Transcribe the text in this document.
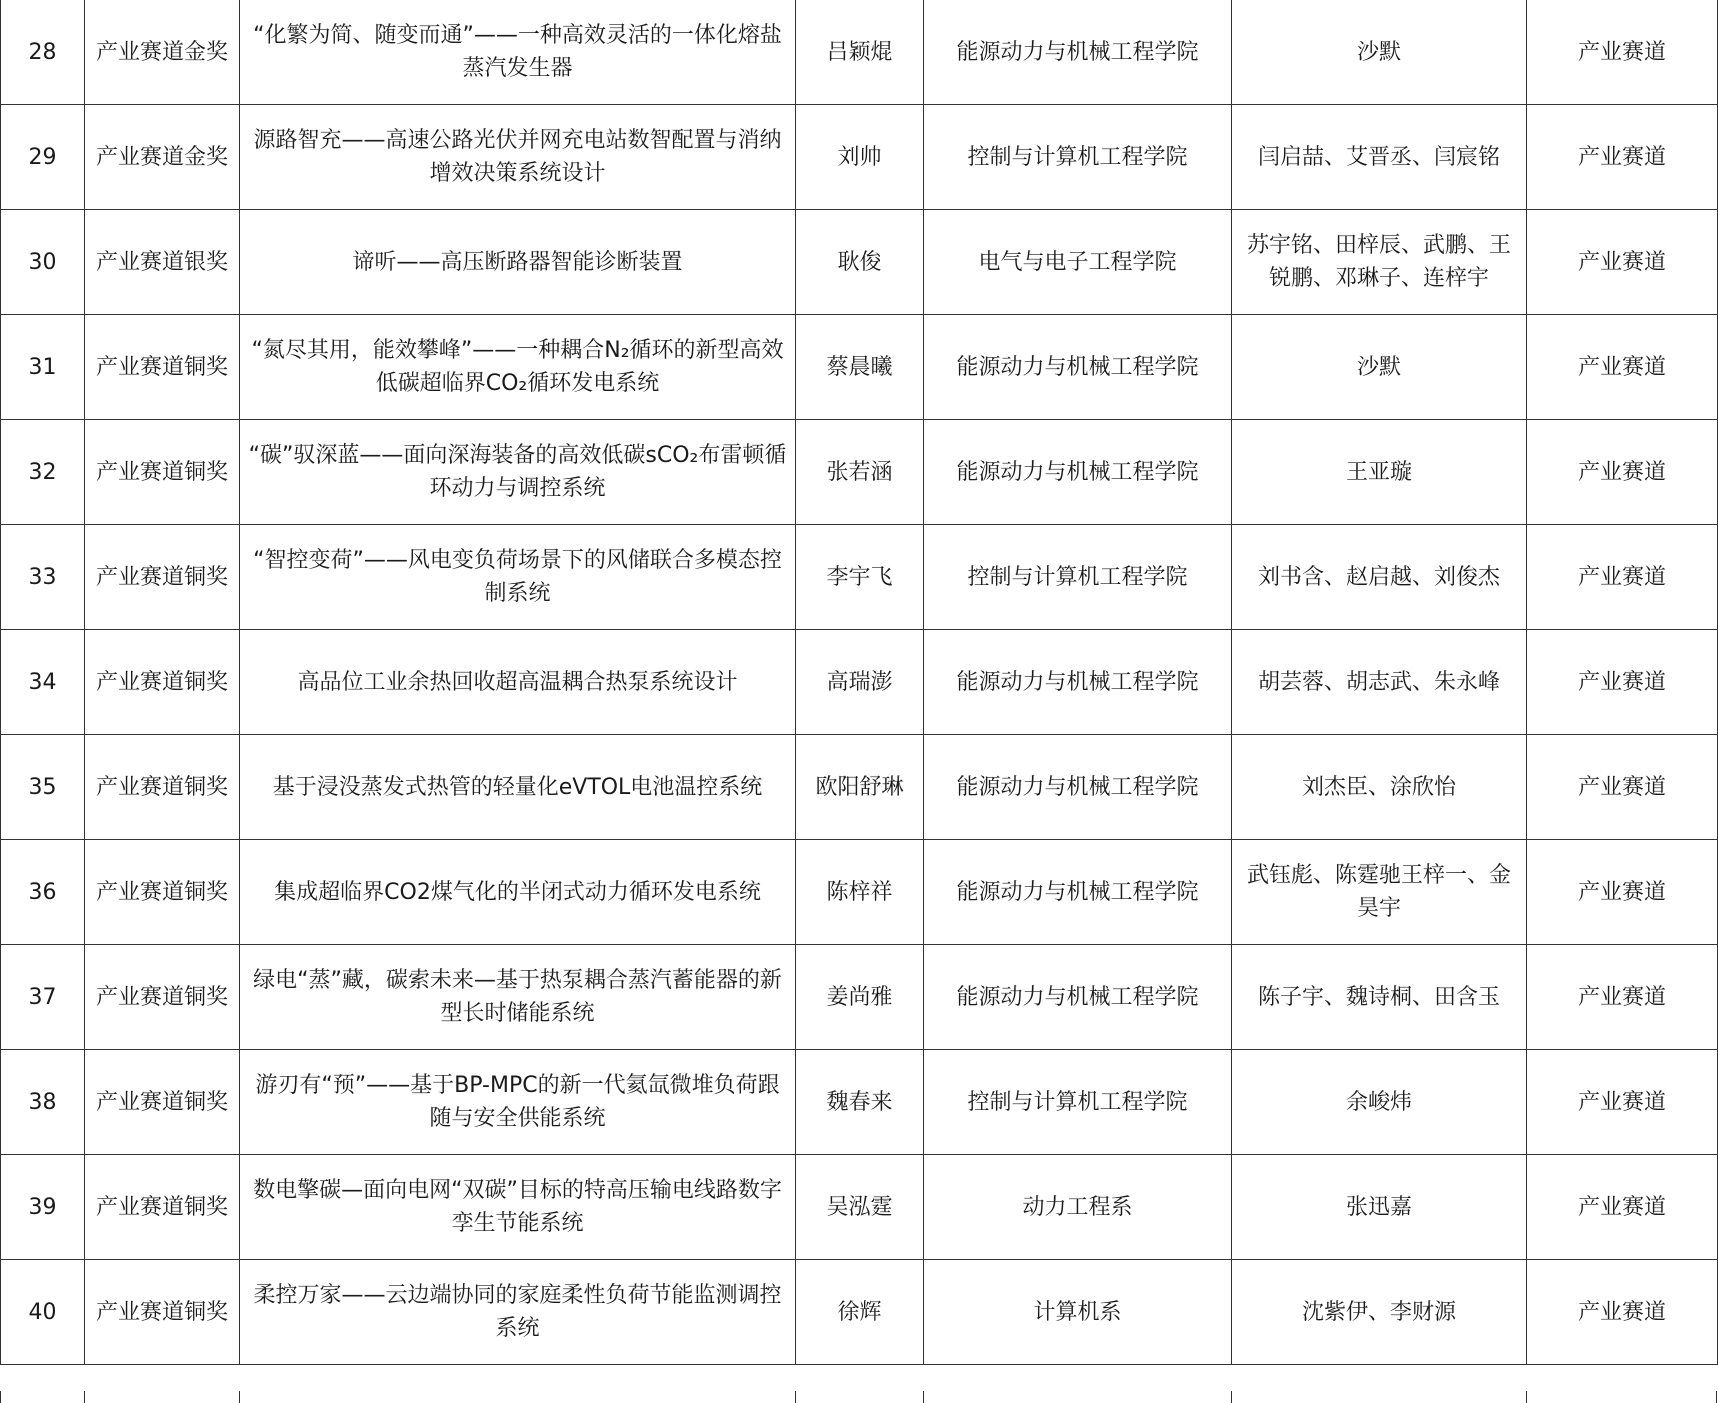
28	产业赛道金奖	“化繁为简、随变而通”——一种高效灵活的一体化熔盐蒸汽发生器	吕颖焜	能源动力与机械工程学院	沙默	产业赛道
29	产业赛道金奖	源路智充——高速公路光伏并网充电站数智配置与消纳增效决策系统设计	刘帅	控制与计算机工程学院	闫启喆、艾晋丞、闫宸铭	产业赛道
30	产业赛道银奖	谛听——高压断路器智能诊断装置	耿俊	电气与电子工程学院	苏宇铭、田梓辰、武鹏、王锐鹏、邓琳子、连梓宇	产业赛道
31	产业赛道铜奖	“氮尽其用，能效攀峰”——一种耦合N₂循环的新型高效低碳超临界CO₂循环发电系统	蔡晨曦	能源动力与机械工程学院	沙默	产业赛道
32	产业赛道铜奖	“碳”驭深蓝——面向深海装备的高效低碳sCO₂布雷顿循环动力与调控系统	张若涵	能源动力与机械工程学院	王亚璇	产业赛道
33	产业赛道铜奖	“智控变荷”——风电变负荷场景下的风储联合多模态控制系统	李宇飞	控制与计算机工程学院	刘书含、赵启越、刘俊杰	产业赛道
34	产业赛道铜奖	高品位工业余热回收超高温耦合热泵系统设计	高瑞澎	能源动力与机械工程学院	胡芸蓉、胡志武、朱永峰	产业赛道
35	产业赛道铜奖	基于浸没蒸发式热管的轻量化eVTOL电池温控系统	欧阳舒琳	能源动力与机械工程学院	刘杰臣、涂欣怡	产业赛道
36	产业赛道铜奖	集成超临界CO2煤气化的半闭式动力循环发电系统	陈梓祥	能源动力与机械工程学院	武钰彪、陈霆驰王梓一、金昊宇	产业赛道
37	产业赛道铜奖	绿电“蒸”藏，碳索未来—基于热泵耦合蒸汽蓄能器的新型长时储能系统	姜尚雅	能源动力与机械工程学院	陈子宇、魏诗桐、田含玉	产业赛道
38	产业赛道铜奖	游刃有“预”——基于BP-MPC的新一代氦氙微堆负荷跟随与安全供能系统	魏春来	控制与计算机工程学院	余峻炜	产业赛道
39	产业赛道铜奖	数电擎碳—面向电网“双碳”目标的特高压输电线路数字孪生节能系统	吴泓霆	动力工程系	张迅嘉	产业赛道
40	产业赛道铜奖	柔控万家——云边端协同的家庭柔性负荷节能监测调控系统	徐辉	计算机系	沈紫伊、李财源	产业赛道
